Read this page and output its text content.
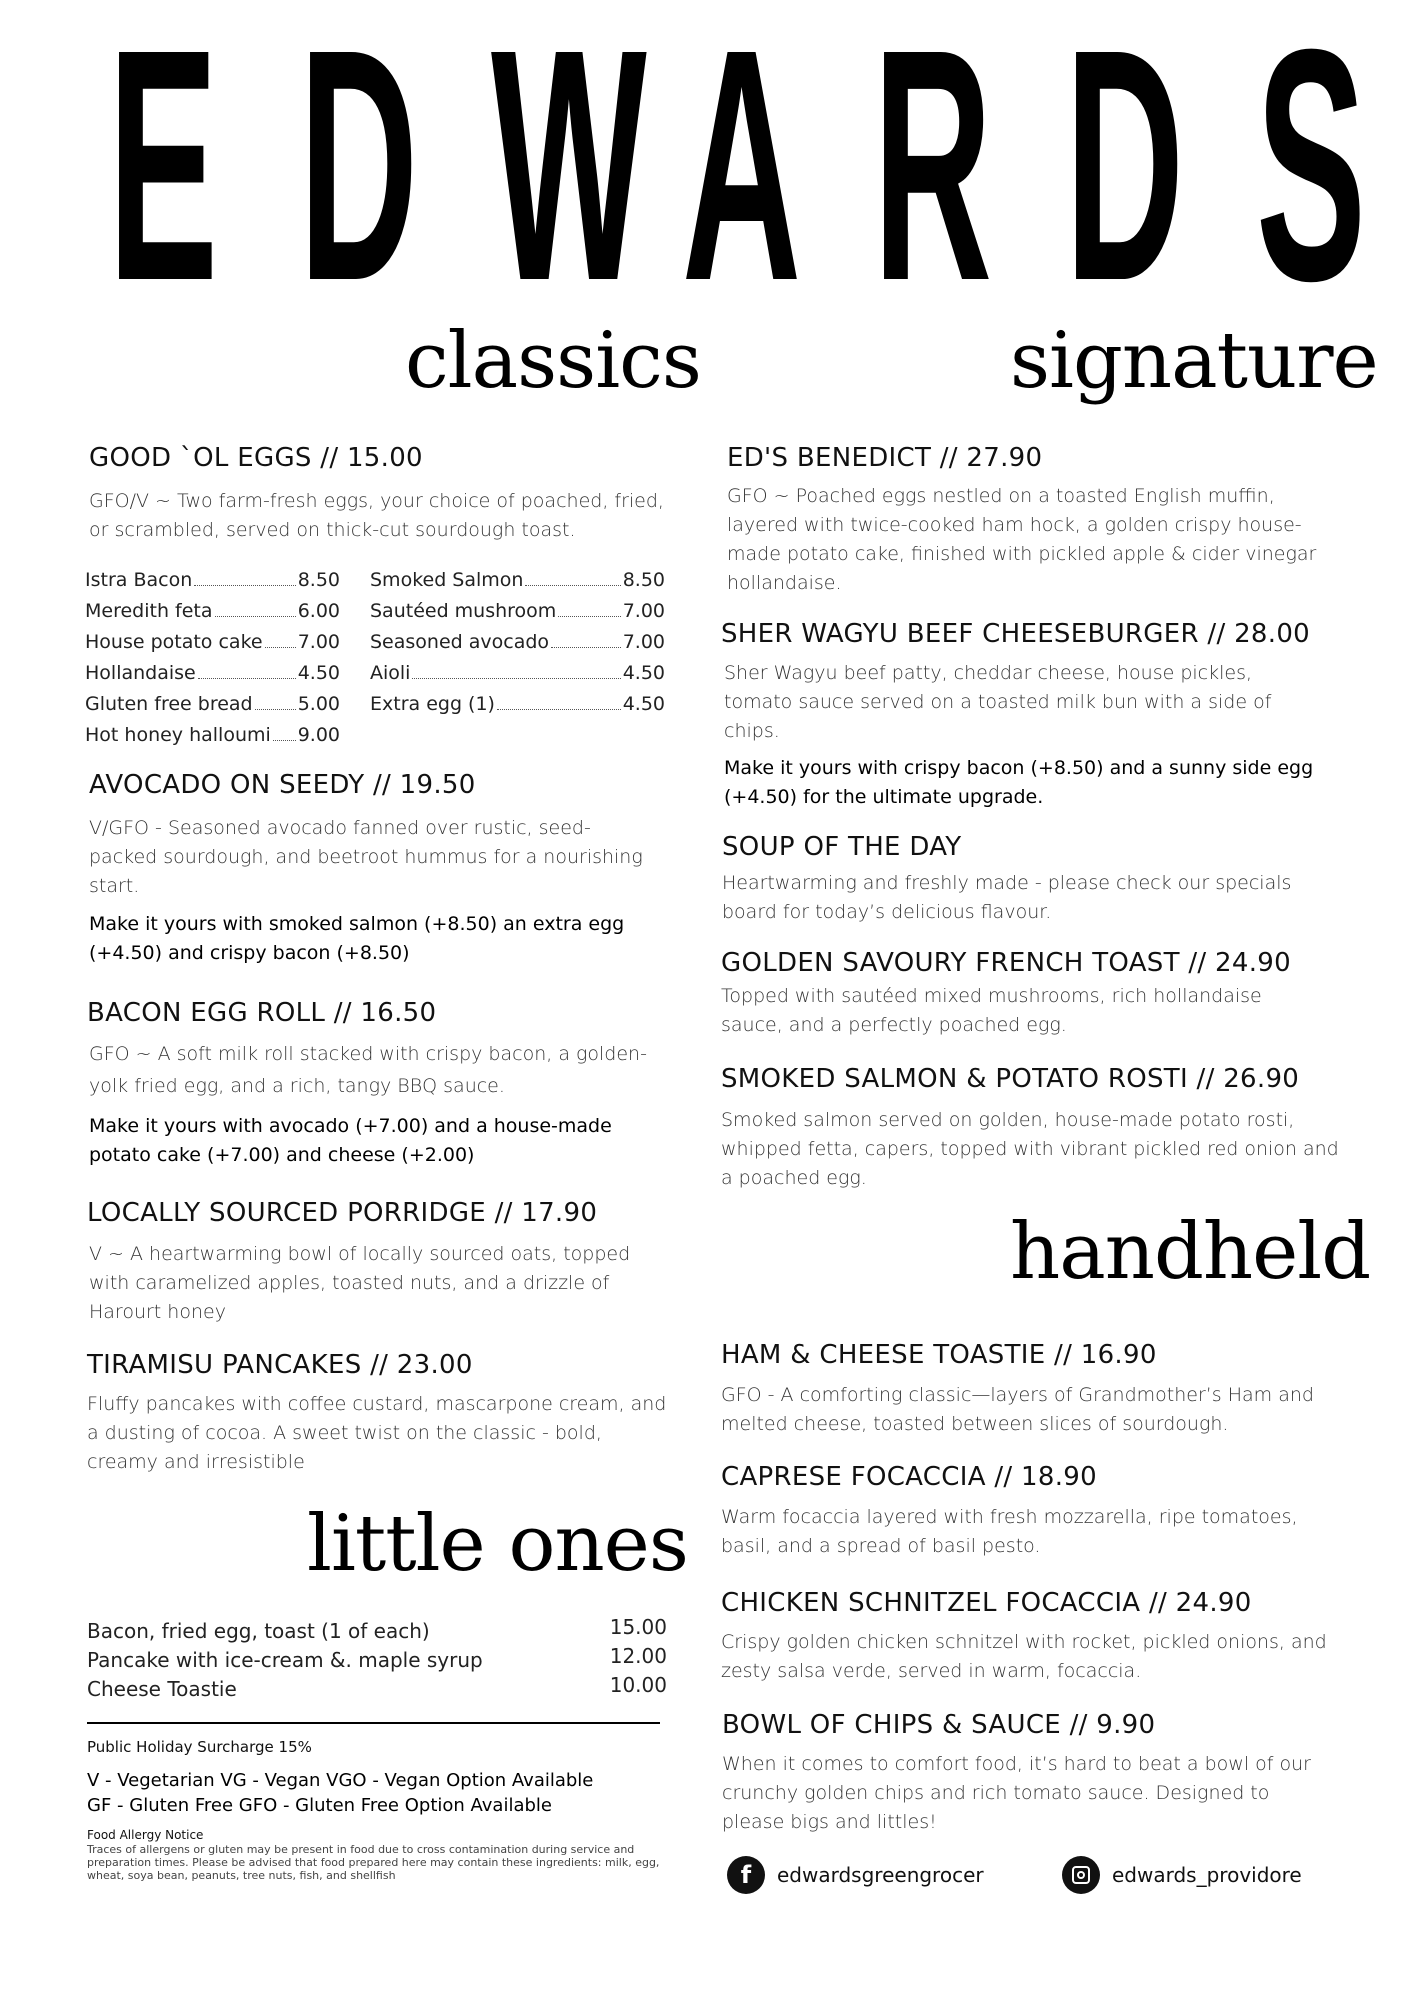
E D W A R D S
classics	signature
handheld
little ones
GOOD `OL EGGS // 15.00
GFO/V ~ Two farm-fresh eggs, your choice of poached, fried, or scrambled, served on thick-cut sourdough toast.
Istra Bacon	8.50
Meredith feta	6.00
House potato cake 7.00
Hollandaise	4.50
Gluten free bread 5.00
Hot honey halloumi 9.00
Smoked Salmon	8.50
Sautéed mushroom	7.00
Seasoned avocado	7.00
Aioli	4.50
Extra egg (1)	4.50
AVOCADO ON SEEDY // 19.50
V/GFO - Seasoned avocado fanned over rustic, seed-packed sourdough, and beetroot hummus for a nourishing start.
Make it yours with smoked salmon (+8.50) an extra egg (+4.50) and crispy bacon (+8.50)
BACON EGG ROLL // 16.50
GFO ~ A soft milk roll stacked with crispy bacon, a golden-yolk fried egg, and a rich, tangy BBQ sauce.
Make it yours with avocado (+7.00) and a house-made potato cake (+7.00) and cheese (+2.00)
LOCALLY SOURCED PORRIDGE // 17.90
V ~ A heartwarming bowl of locally sourced oats, topped with caramelized apples, toasted nuts, and a drizzle of Harourt honey
TIRAMISU PANCAKES // 23.00
Fluffy pancakes with coffee custard, mascarpone cream, and a dusting of cocoa. A sweet twist on the classic - bold, creamy and irresistible
Bacon, fried egg, toast (1 of each)	15.00
Pancake with ice-cream &. maple syrup	12.00
Cheese Toastie	10.00
Public Holiday Surcharge 15%
V - Vegetarian VG - Vegan VGO - Vegan Option Available
GF - Gluten Free GFO - Gluten Free Option Available
Food Allergy Notice
Traces of allergens or gluten may be present in food due to cross contamination during service and preparation times. Please be advised that food prepared here may contain these ingredients: milk, egg, wheat, soya bean, peanuts, tree nuts, fish, and shellfish
ED'S BENEDICT // 27.90
GFO ~ Poached eggs nestled on a toasted English muffin, layered with twice-cooked ham hock, a golden crispy house-made potato cake, finished with pickled apple & cider vinegar hollandaise.
SHER WAGYU BEEF CHEESEBURGER // 28.00
Sher Wagyu beef patty, cheddar cheese, house pickles, tomato sauce served on a toasted milk bun with a side of chips.
Make it yours with crispy bacon (+8.50) and a sunny side egg (+4.50) for the ultimate upgrade.
SOUP OF THE DAY
Heartwarming and freshly made - please check our specials board for today’s delicious flavour.
GOLDEN SAVOURY FRENCH TOAST // 24.90
Topped with sautéed mixed mushrooms, rich hollandaise sauce, and a perfectly poached egg.
SMOKED SALMON & POTATO ROSTI // 26.90
Smoked salmon served on golden, house-made potato rosti, whipped fetta, capers, topped with vibrant pickled red onion and a poached egg.
HAM & CHEESE TOASTIE // 16.90
GFO - A comforting classic—layers of Grandmother’s Ham and melted cheese, toasted between slices of sourdough.
CAPRESE FOCACCIA // 18.90
Warm focaccia layered with fresh mozzarella, ripe tomatoes, basil, and a spread of basil pesto.
CHICKEN SCHNITZEL FOCACCIA // 24.90
Crispy golden chicken schnitzel with rocket, pickled onions, and zesty salsa verde, served in warm, focaccia.
BOWL OF CHIPS & SAUCE // 9.90
When it comes to comfort food, it’s hard to beat a bowl of our crunchy golden chips and rich tomato sauce. Designed to please bigs and littles!
f	edwardsgreengrocer	edwards_providore
